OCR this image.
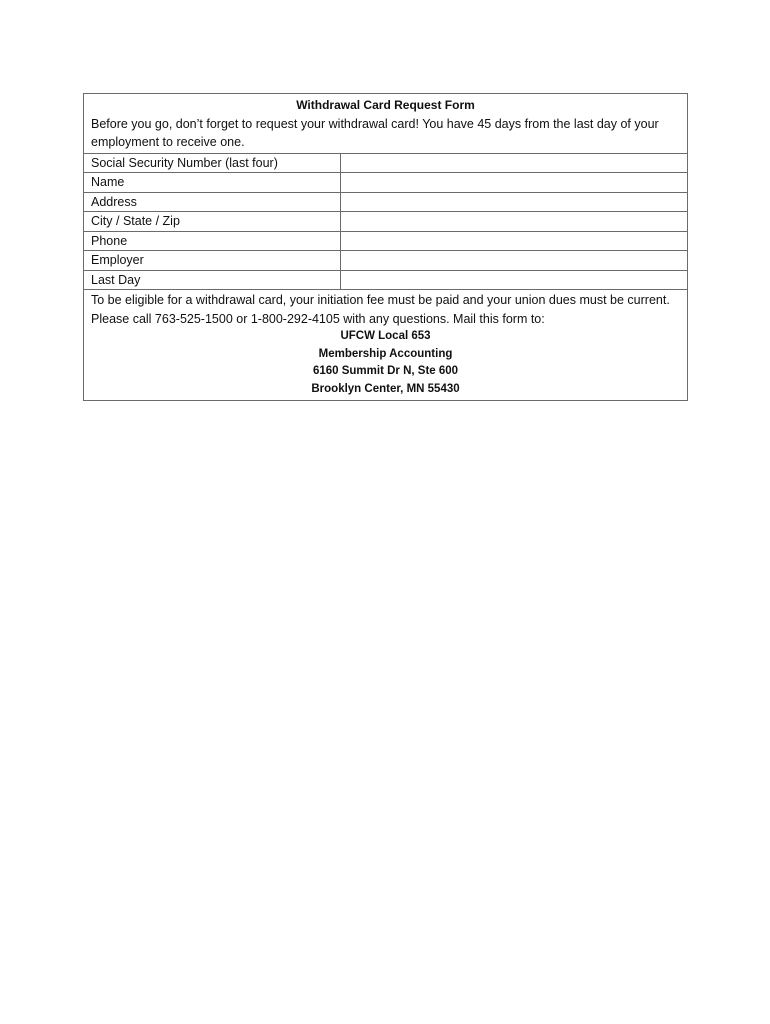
Withdrawal Card Request Form
Before you go, don’t forget to request your withdrawal card! You have 45 days from the last day of your employment to receive one.	

Social Security Number (last four)	
Name	
Address	
City / State / Zip	
Phone	
Employer	
Last Day	

To be eligible for a withdrawal card, your initiation fee must be paid and your union dues must be current. Please call 763-525-1500 or 1-800-292-4105 with any questions. Mail this form to:
UFCW Local 653
Membership Accounting
6160 Summit Dr N, Ste 600
Brooklyn Center, MN 55430	
